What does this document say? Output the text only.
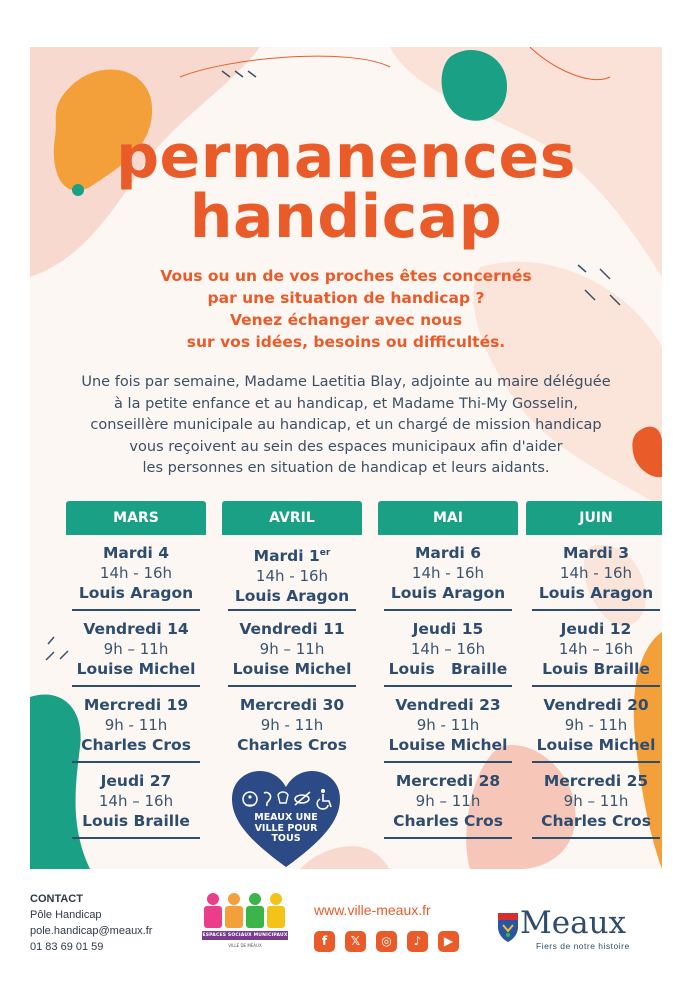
permanences
handicap
Vous ou un de vos proches êtes concernés
par une situation de handicap ?
Venez échanger avec nous
sur vos idées, besoins ou difficultés.
Une fois par semaine, Madame Laetitia Blay, adjointe au maire déléguée
à la petite enfance et au handicap, et Madame Thi-My Gosselin,
conseillère municipale au handicap, et un chargé de mission handicap
vous reçoivent au sein des espaces municipaux afin d'aider
les personnes en situation de handicap et leurs aidants.
MARS
Mardi 4
14h - 16h
Louis Aragon
Vendredi 14
9h – 11h
Louise Michel
Mercredi 19
9h - 11h
Charles Cros
Jeudi 27
14h – 16h
Louis Braille
AVRIL
Mardi 1er
14h - 16h
Louis Aragon
Vendredi 11
9h – 11h
Louise Michel
Mercredi 30
9h - 11h
Charles Cros
MAI
Mardi 6
14h - 16h
Louis Aragon
Jeudi 15
14h – 16h
Louis   Braille
Vendredi 23
9h - 11h
Louise Michel
Mercredi 28
9h – 11h
Charles Cros
JUIN
Mardi 3
14h - 16h
Louis Aragon
Jeudi 12
14h – 16h
Louis Braille
Vendredi 20
9h - 11h
Louise Michel
Mercredi 25
9h – 11h
Charles Cros
MEAUX UNE
VILLE POUR
TOUS
CONTACT
Pôle Handicap
pole.handicap@meaux.fr
01 83 69 01 59
ESPACES SOCIAUX MUNICIPAUX
VILLE DE MEAUX
www.ville-meaux.fr
f	𝕏	◎	♪	▶ Meaux
Fiers de notre histoire
